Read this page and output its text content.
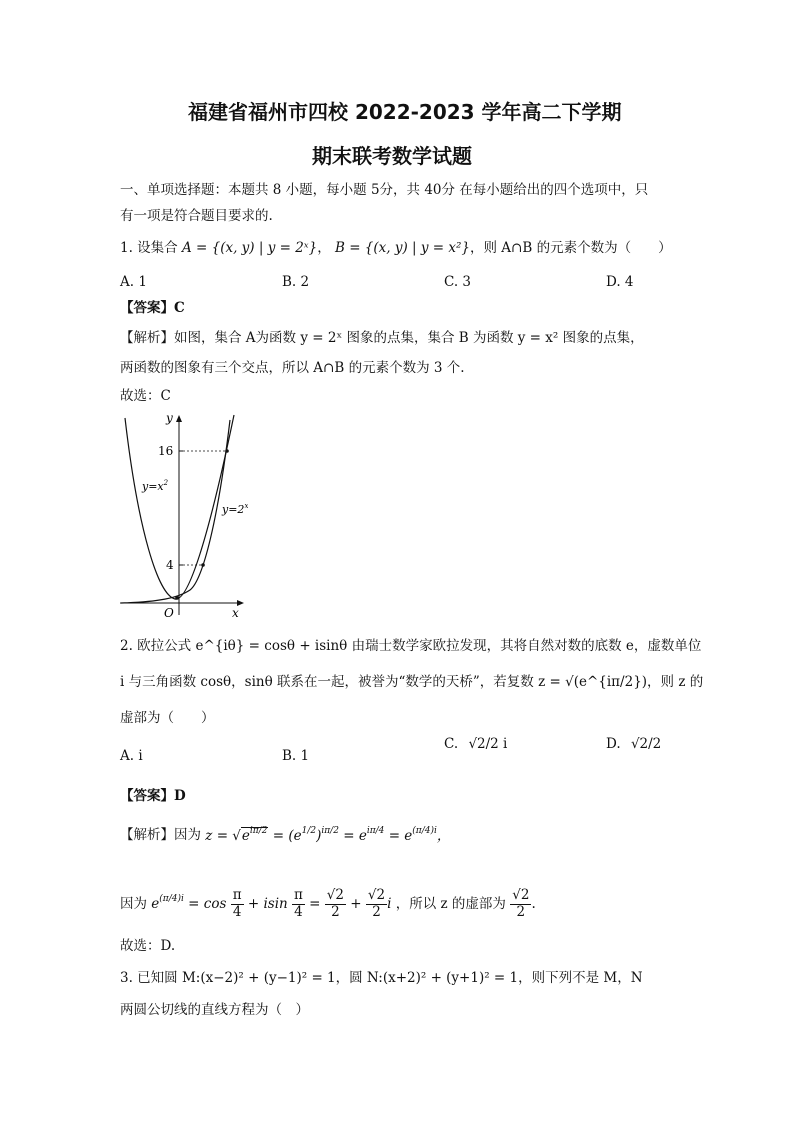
福建省福州市四校 2022-2023 学年高二下学期
期末联考数学试题
一、单项选择题：本题共 8 小题，每小题 5分，共 40分 在每小题给出的四个选项中，只
有一项是符合题目要求的.
1. 设集合 A = {(x, y) | y = 2ˣ}， B = {(x, y) | y = x²}，则 A∩B 的元素个数为（　　）
A. 1	B. 2	C. 3	D. 4
【答案】C
【解析】如图，集合 A为函数 y = 2ˣ 图象的点集，集合 B 为函数 y = x² 图象的点集，
两函数的图象有三个交点，所以 A∩B 的元素个数为 3 个.
故选：C
x
y
O
16
4
$y=x^2$
$y=2^x$
2. 欧拉公式 e^{iθ} = cosθ + isinθ 由瑞士数学家欧拉发现，其将自然对数的底数 e，虚数单位
i 与三角函数 cosθ，sinθ 联系在一起，被誉为“数学的天桥”，若复数 z = √(e^{iπ/2})，则 z 的
虚部为（　　）
A. i	B. 1
C. √2/2 i	D. √2/2
【答案】D
【解析】因为 $z = √e^{i\pi/2} = (e^{1/2})^{i\pi/2} = e^{i\pi/4} = e^{(\pi/4)i}$，
因为 $e^{(\pi/4)i} = \cos \frac{\pi}{4} + isin \frac{\pi}{4} = \frac{√2}{2} + \frac{√2}{2}$ i ，所以 z 的虚部为 $\frac{√2}{2}$ .
故选：D.
3. 已知圆 M:(x−2)² + (y−1)² = 1，圆 N:(x+2)² + (y+1)² = 1，则下列不是 M，N
两圆公切线的直线方程为（　）
